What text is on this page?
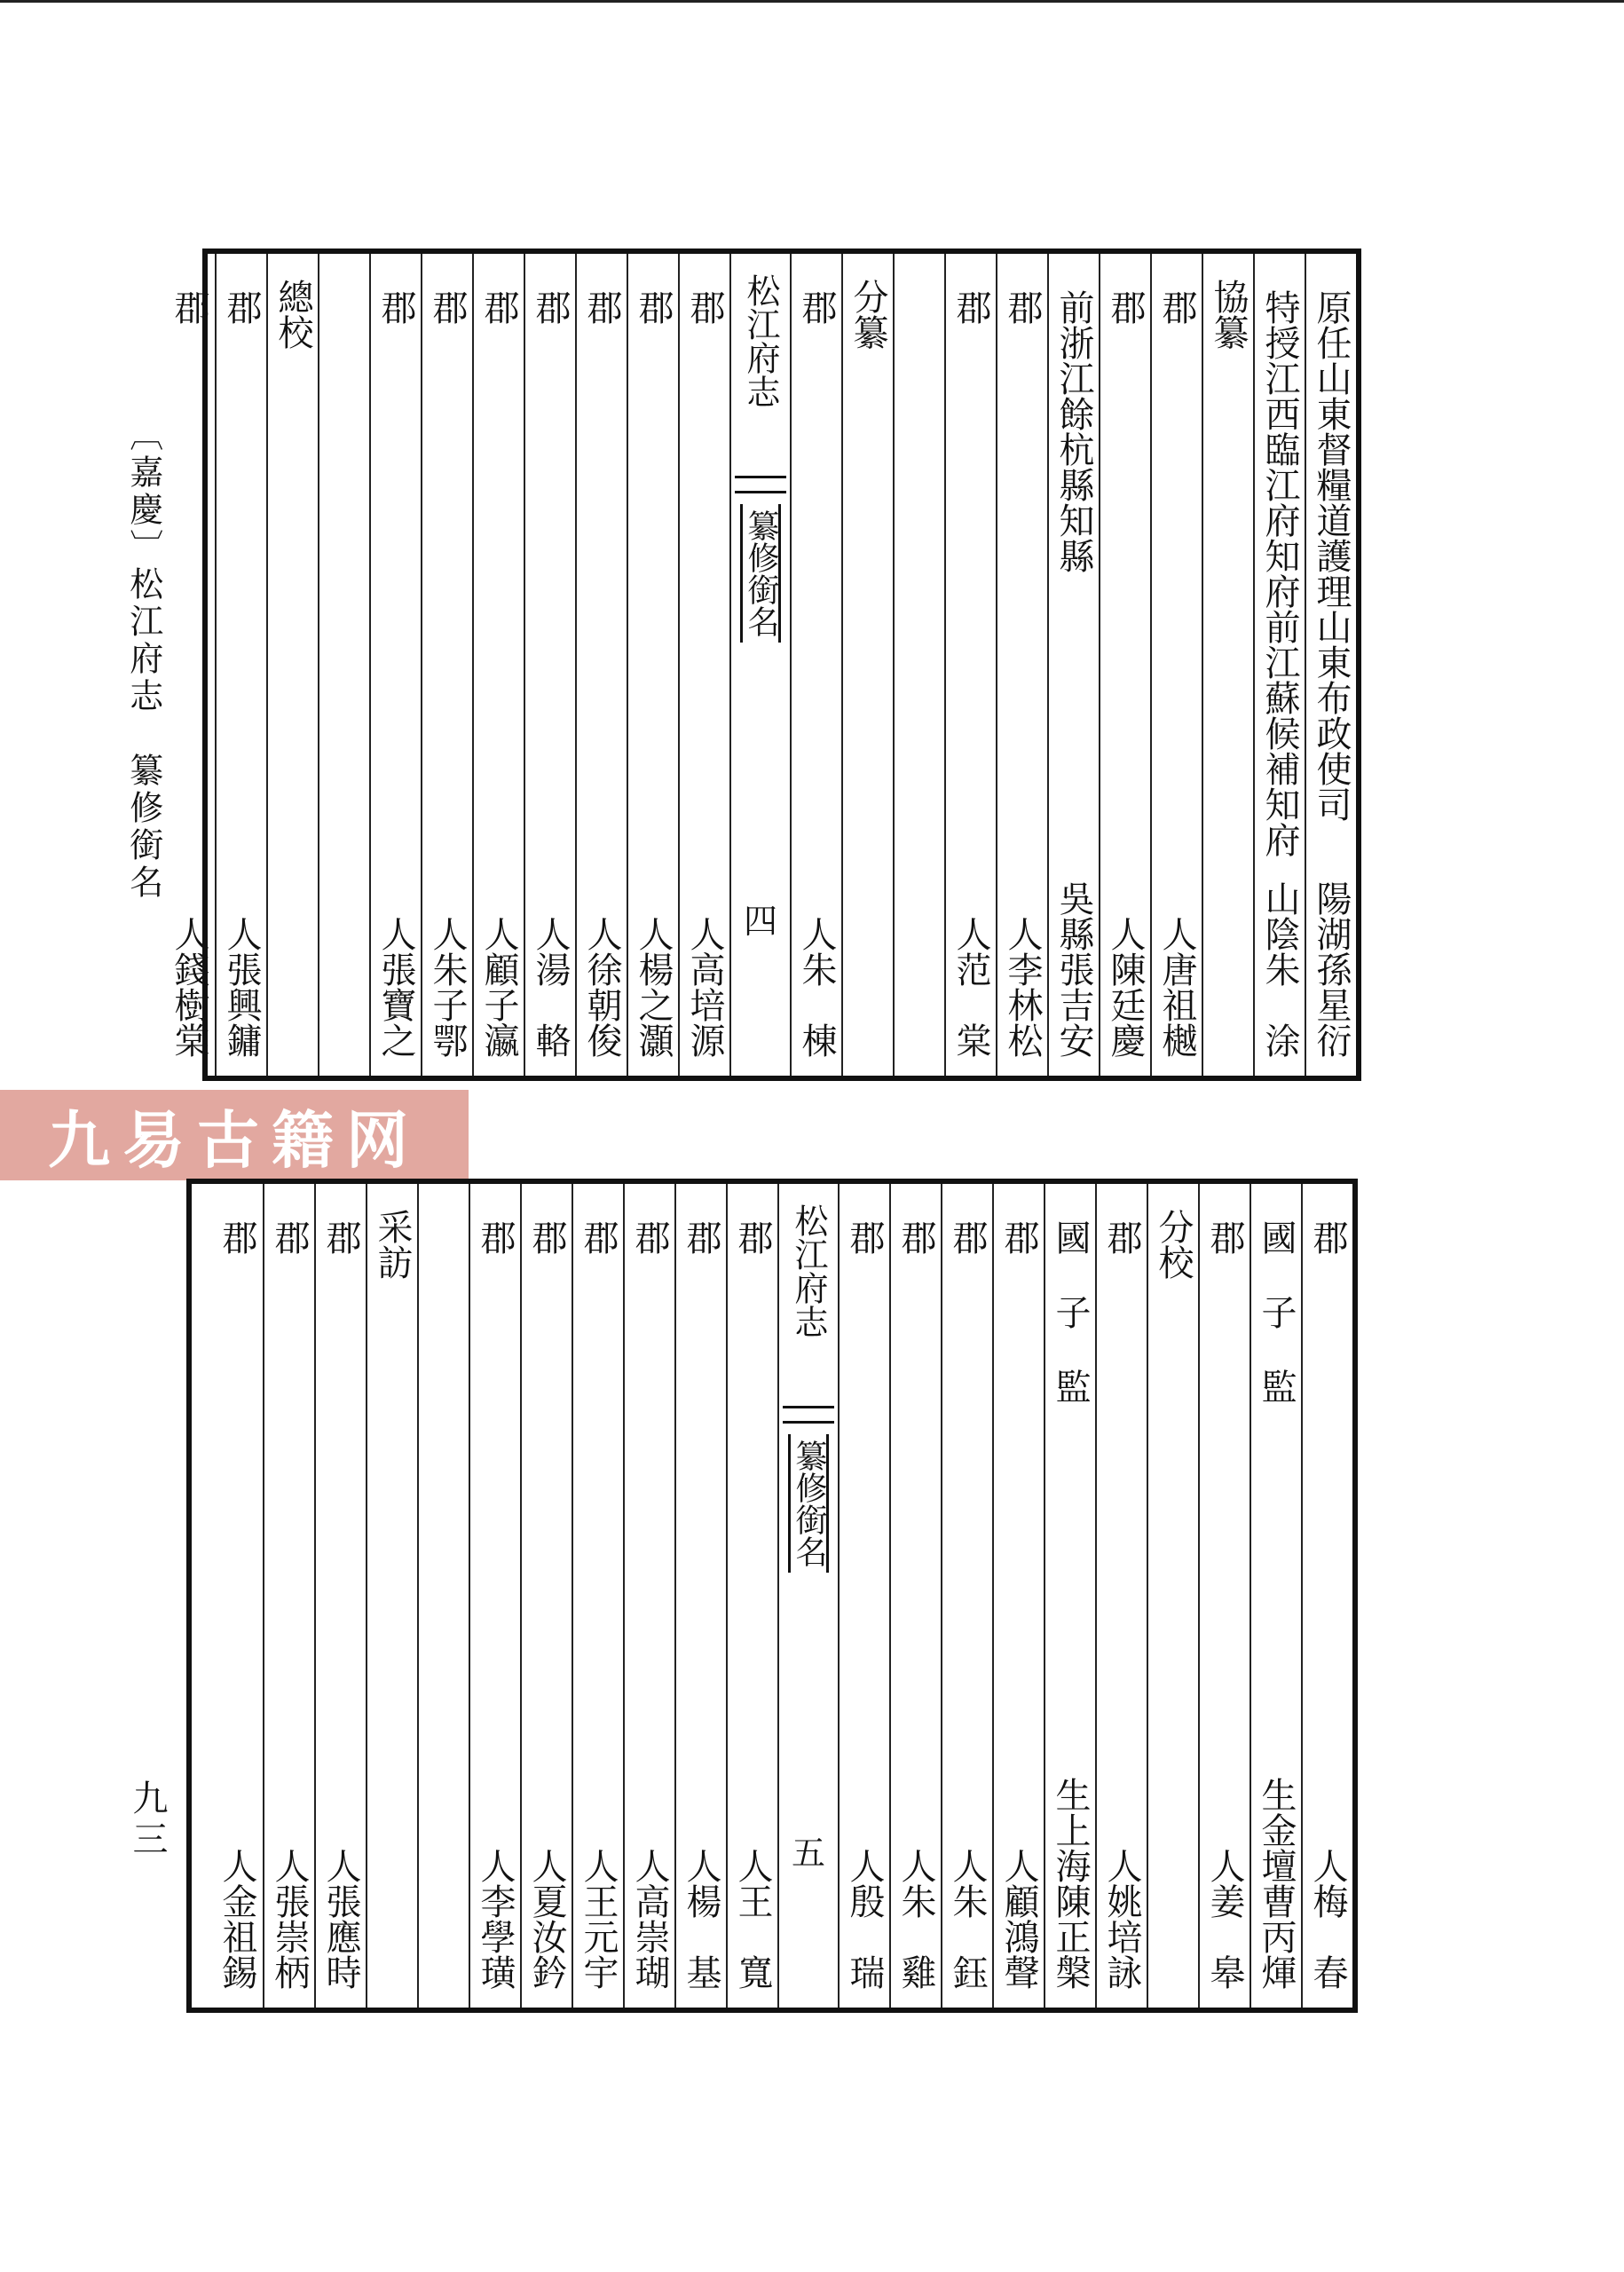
〔嘉慶〕松江府志　纂修銜名
九三
九易古籍网
原任山東督糧道護理山東布政使司
陽湖孫星衍
特授江西臨江府知府前江蘇候補知府
山陰朱　涂
協纂
郡
人唐祖樾
郡
人陳廷慶
前浙江餘杭縣知縣
吳縣張吉安
郡
人李林松
郡
人范　棠
分纂
郡
人朱　棟
松江府志
纂修銜名
四
郡
人高培源
郡
人楊之灝
郡
人徐朝俊
郡
人湯　輅
郡
人顧子瀛
郡
人朱子鄂
郡
人張寶之
總校
郡
人張興鏞
郡
人錢樹棠
郡
人梅　春
國子監
生金壇曹丙煇
郡
人姜　皋
分校
郡
人姚培詠
國子監
生上海陳正槃
郡
人顧鴻聲
郡
人朱　鈺
郡
人朱　雞
郡
人殷　瑞
松江府志
纂修銜名
五
郡
人王　寬
郡
人楊　基
郡
人高崇瑚
郡
人王元宇
郡
人夏汝鈐
郡
人李學璜
采訪
郡
人張應時
郡
人張崇柄
郡
人金祖錫
